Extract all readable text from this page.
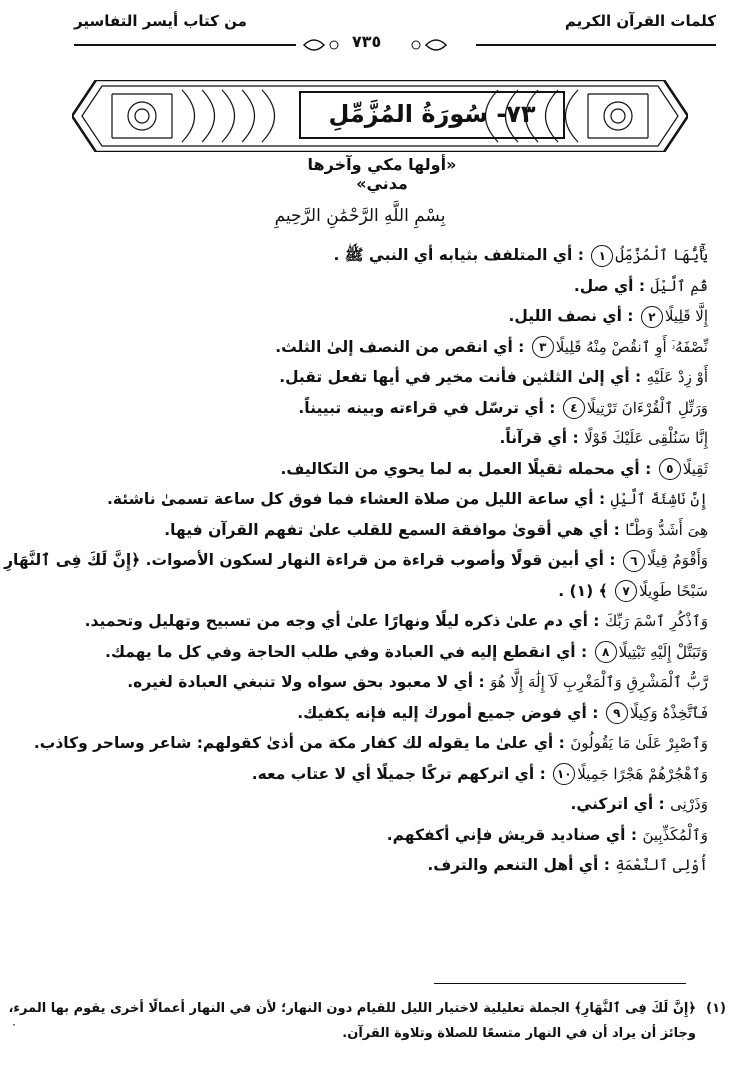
كلمات القرآن الكريم
من كتاب أيسر التفاسير
٧٣٥
٧٣- سُورَةُ المُزَّمِّلِ
«أولها مكي وآخرها مدني»
بِسْمِ اللَّهِ الرَّحْمَٰنِ الرَّحِيمِ
يَٰٓأَيُّهَا ٱلْمُزَّمِّلُ١ : أي المتلفف بثيابه أي النبي ﷺ .
قُمِ ٱلَّيْلَ : أي صل.
إِلَّا قَلِيلًا٢ : أي نصف الليل.
نِّصْفَهُۥٓ أَوِ ٱنقُصْ مِنْهُ قَلِيلًا٣ : أي انقص من النصف إلىٰ الثلث.
أَوْ زِدْ عَلَيْهِ : أي إلىٰ الثلثين فأنت مخير في أيها تفعل تقبل.
وَرَتِّلِ ٱلْقُرْءَانَ تَرْتِيلًا٤ : أي ترسّل في قراءته وبينه تبييناً.
إِنَّا سَنُلْقِى عَلَيْكَ قَوْلًا : أي قرآناً.
ثَقِيلًا٥ : أي محمله ثقيلًا العمل به لما يحوي من التكاليف.
إِنَّ نَاشِئَةَ ٱلَّيْلِ : أي ساعة الليل من صلاة العشاء فما فوق كل ساعة تسمىٰ ناشئة.
هِىَ أَشَدُّ وَطْـًٔا : أي هي أقوىٰ موافقة السمع للقلب علىٰ تفهم القرآن فيها.
وَأَقْوَمُ قِيلًا٦ : أي أبين قولًا وأصوب قراءة من قراءة النهار لسكون الأصوات. ﴿إِنَّ لَكَ فِى ٱلنَّهَارِ
سَبْحًا طَوِيلًا٧ ﴾ (١) .
وَٱذْكُرِ ٱسْمَ رَبِّكَ : أي دم علىٰ ذكره ليلًا ونهارًا علىٰ أي وجه من تسبيح وتهليل وتحميد.
وَتَبَتَّلْ إِلَيْهِ تَبْتِيلًا٨ : أي انقطع إليه في العبادة وفي طلب الحاجة وفي كل ما يهمك.
رَّبُّ ٱلْمَشْرِقِ وَٱلْمَغْرِبِ لَآ إِلَٰهَ إِلَّا هُوَ : أي لا معبود بحق سواه ولا تنبغي العبادة لغيره.
فَٱتَّخِذْهُ وَكِيلًا٩ : أي فوض جميع أمورك إليه فإنه يكفيك.
وَٱصْبِرْ عَلَىٰ مَا يَقُولُونَ : أي علىٰ ما يقوله لك كفار مكة من أذىٰ كقولهم: شاعر وساحر وكاذب.
وَٱهْجُرْهُمْ هَجْرًا جَمِيلًا١٠ : أي اتركهم تركًا جميلًا أي لا عتاب معه.
وَذَرْنِى : أي اتركني.
وَٱلْمُكَذِّبِينَ : أي صناديد قريش فإني أكفكهم.
أُوْلِى ٱلنَّعْمَةِ : أي أهل التنعم والترف.
(١)
﴿إِنَّ لَكَ فِى ٱلنَّهَارِ﴾ الجملة تعليلية لاختيار الليل للقيام دون النهار؛ لأن في النهار أعمالًا أخرى يقوم بها المرء،
وجائز أن يراد أن في النهار متسعًا للصلاة وتلاوة القرآن.
·
